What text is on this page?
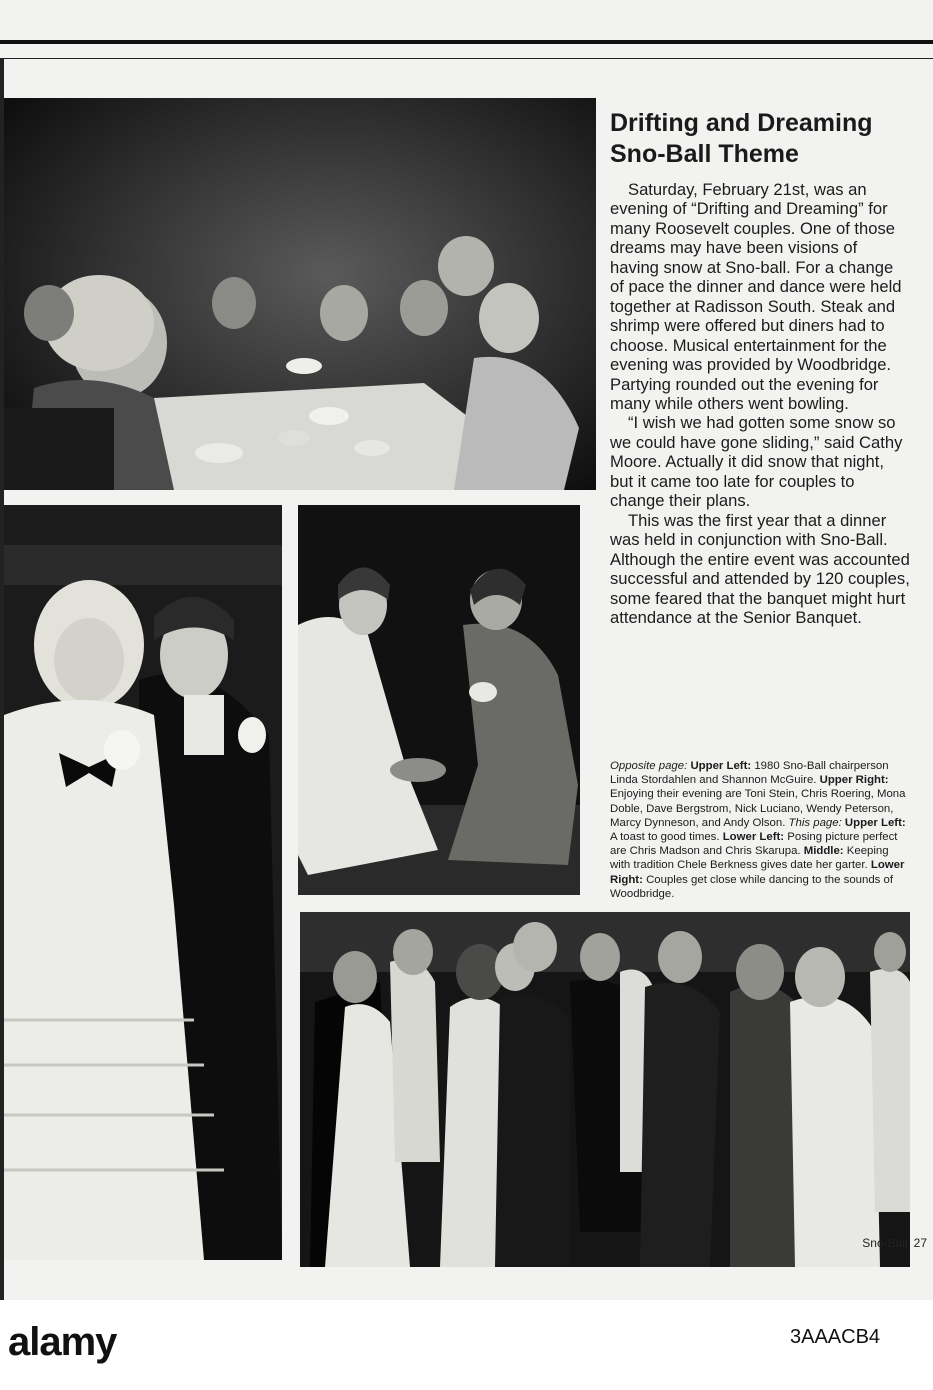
Drifting and Dreaming
Sno-Ball Theme

Saturday, February 21st, was an evening of “Drifting and Dreaming” for many Roosevelt couples. One of those dreams may have been visions of having snow at Sno-ball. For a change of pace the dinner and dance were held together at Radisson South. Steak and shrimp were offered but diners had to choose. Musical entertainment for the evening was provided by Woodbridge. Partying rounded out the evening for many while others went bowling.

“I wish we had gotten some snow so we could have gone sliding,” said Cathy Moore. Actually it did snow that night, but it came too late for couples to change their plans.

This was the first year that a dinner was held in conjunction with Sno-Ball. Although the entire event was accounted successful and attended by 120 couples, some feared that the banquet might hurt attendance at the Senior Banquet.

Opposite page: Upper Left: 1980 Sno-Ball chairperson Linda Stordahlen and Shannon McGuire. Upper Right: Enjoying their evening are Toni Stein, Chris Roering, Mona Doble, Dave Bergstrom, Nick Luciano, Wendy Peterson, Marcy Dynneson, and Andy Olson. This page: Upper Left: A toast to good times. Lower Left: Posing picture perfect are Chris Madson and Chris Skarupa. Middle: Keeping with tradition Chele Berkness gives date her garter. Lower Right: Couples get close while dancing to the sounds of Woodbridge.
Sno-Ball 27
alamy	3AAACB4
